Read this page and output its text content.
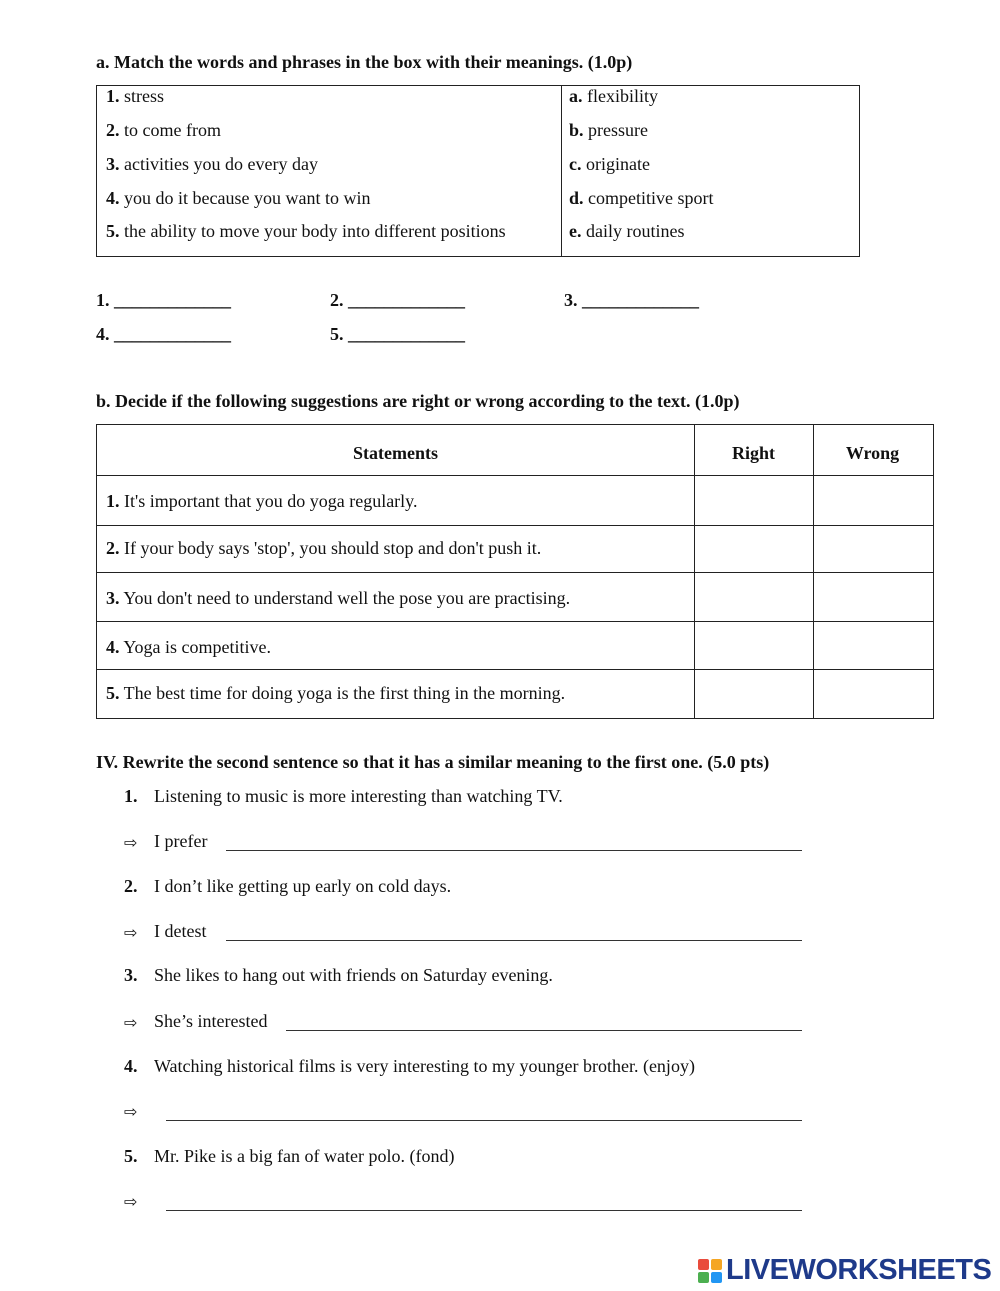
a. Match the words and phrases in the box with their meanings. (1.0p)
1. stress	a. flexibility
2. to come from	b. pressure
3. activities you do every day	c. originate
4. you do it because you want to win	d. competitive sport
5. the ability to move your body into different positions	e. daily routines
1. _____________	2. _____________	3. _____________
4. _____________	5. _____________
b. Decide if the following suggestions are right or wrong according to the text. (1.0p)
Statements	Right	Wrong
1. It's important that you do yoga regularly.
2. If your body says 'stop', you should stop and don't push it.
3. You don't need to understand well the pose you are practising.
4. Yoga is competitive.
5. The best time for doing yoga is the first thing in the morning.
IV. Rewrite the second sentence so that it has a similar meaning to the first one. (5.0 pts)
1. Listening to music is more interesting than watching TV.
⇨ I prefer
2. I don’t like getting up early on cold days.
⇨ I detest
3. She likes to hang out with friends on Saturday evening.
⇨ She’s interested
4. Watching historical films is very interesting to my younger brother. (enjoy)
⇨
5. Mr. Pike is a big fan of water polo. (fond)
⇨
LIVEWORKSHEETS
